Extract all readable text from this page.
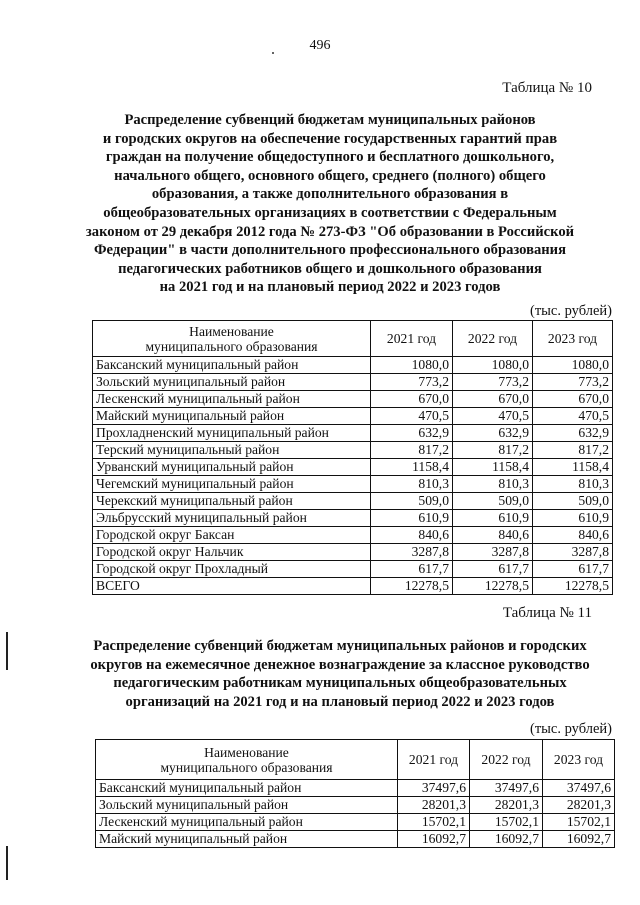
496
Таблица № 10
Распределение субвенций бюджетам муниципальных районов
и городских округов на обеспечение государственных гарантий прав
граждан на получение общедоступного и бесплатного дошкольного,
начального общего, основного общего, среднего (полного) общего
образования, а также дополнительного образования в
общеобразовательных организациях в соответствии с Федеральным
законом от 29 декабря 2012 года № 273-ФЗ "Об образовании в Российской
Федерации" в части дополнительного профессионального образования
педагогических работников общего и дошкольного образования
на 2021 год и на плановый период 2022 и 2023 годов
(тыс. рублей)
Наименование
муниципального образования	2021 год	2022 год	2023 год
Баксанский муниципальный район	1080,0	1080,0	1080,0
Зольский муниципальный район	773,2	773,2	773,2
Лескенский муниципальный район	670,0	670,0	670,0
Майский муниципальный район	470,5	470,5	470,5
Прохладненский муниципальный район	632,9	632,9	632,9
Терский муниципальный район	817,2	817,2	817,2
Урванский муниципальный район	1158,4	1158,4	1158,4
Чегемский муниципальный район	810,3	810,3	810,3
Черекский муниципальный район	509,0	509,0	509,0
Эльбрусский муниципальный район	610,9	610,9	610,9
Городской округ Баксан	840,6	840,6	840,6
Городской округ Нальчик	3287,8	3287,8	3287,8
Городской округ Прохладный	617,7	617,7	617,7
ВСЕГО	12278,5	12278,5	12278,5
Таблица № 11
Распределение субвенций бюджетам муниципальных районов и городских
округов на ежемесячное денежное вознаграждение за классное руководство
педагогическим работникам муниципальных общеобразовательных
организаций на 2021 год и на плановый период 2022 и 2023 годов
(тыс. рублей)
Наименование
муниципального образования	2021 год	2022 год	2023 год
Баксанский муниципальный район	37497,6	37497,6	37497,6
Зольский муниципальный район	28201,3	28201,3	28201,3
Лескенский муниципальный район	15702,1	15702,1	15702,1
Майский муниципальный район	16092,7	16092,7	16092,7
